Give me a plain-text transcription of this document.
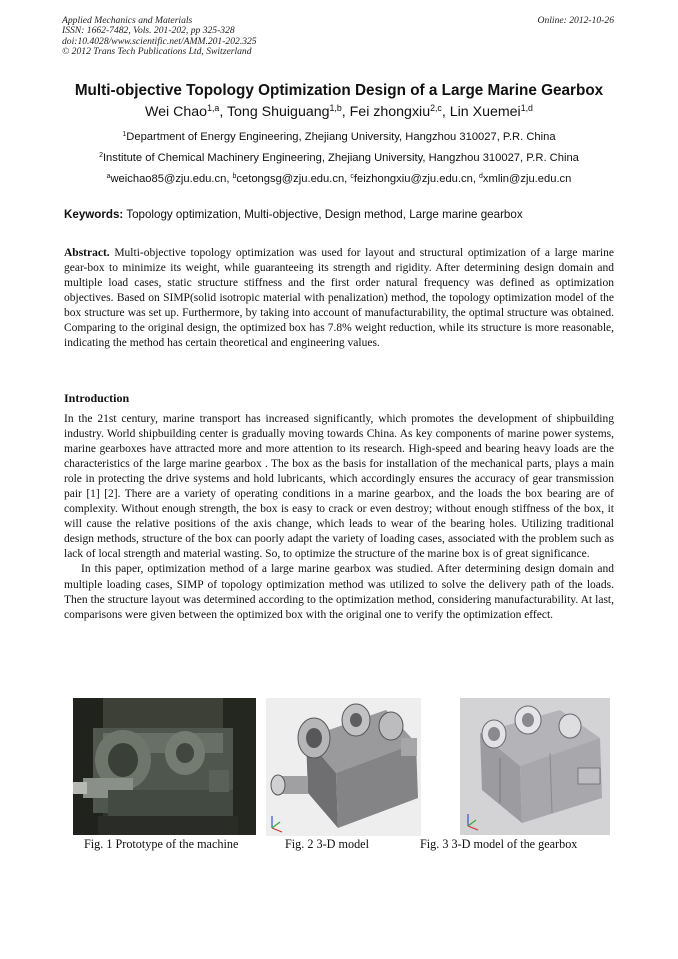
Applied Mechanics and Materials
ISSN: 1662-7482, Vols. 201-202, pp 325-328
doi:10.4028/www.scientific.net/AMM.201-202.325
© 2012 Trans Tech Publications Ltd, Switzerland
Online: 2012-10-26
Multi-objective Topology Optimization Design of a Large Marine Gearbox
Wei Chao$^{1,a}$, Tong Shuiguang$^{1,b}$, Fei zhongxiu$^{2,c}$, Lin Xuemei$^{1,d}$
$^1$Department of Energy Engineering, Zhejiang University, Hangzhou 310027, P.R. China
$^2$Institute of Chemical Machinery Engineering, Zhejiang University, Hangzhou 310027, P.R. China
$^a$weichao85@zju.edu.cn, $^b$cetongsg@zju.edu.cn, $^c$feizhongxiu@zju.edu.cn, $^d$xmlin@zju.edu.cn
Keywords: Topology optimization, Multi-objective, Design method, Large marine gearbox
Abstract. Multi-objective topology optimization was used for layout and structural optimization of a large marine gear-box to minimize its weight, while guaranteeing its strength and rigidity. After determining design domain and multiple load cases, static structure stiffness and the first order natural frequency was defined as optimization objectives. Based on SIMP(solid isotropic material with penalization) method, the topology optimization model of the box structure was set up. Furthermore, by taking into account of manufacturability, the optimal structure was obtained. Comparing to the original design, the optimized box has 7.8% weight reduction, while its structure is more reasonable, indicating the method has certain theoretical and engineering values.
Introduction

In the 21st century, marine transport has increased significantly, which promotes the development of shipbuilding industry. World shipbuilding center is gradually moving towards China. As key components of marine power systems, marine gearboxes have attracted more and more attention to its research. High-speed and bearing heavy loads are the characteristics of the large marine gearbox . The box as the basis for installation of the mechanical parts, plays a main role in protecting the drive systems and hold lubricants, which accordingly ensures the accuracy of gear transmission pair [1] [2]. There are a variety of operating conditions in a marine gearbox, and the loads the box bearing are of complexity. Without enough strength, the box is easy to crack or even destroy; without enough stiffness of the box, it will cause the relative positions of the axis change, which leads to wear of the bearing holes. Utilizing traditional design methods, structure of the box can poorly adapt the variety of loading cases, associated with the problem such as lack of local strength and material wasting. So, to optimize the structure of the marine box is of great significance.

In this paper, optimization method of a large marine gearbox was studied. After determining design domain and multiple loading cases, SIMP of topology optimization method was utilized to solve the delivery path of the loads. Then the structure layout was determined according to the optimization method, considering manufacturability. At last, comparisons were given between the optimized box with the original one to verify the optimization effect.

Fig. 1 Prototype of the machine	Fig. 2 3-D model	Fig. 3 3-D model of the gearbox
